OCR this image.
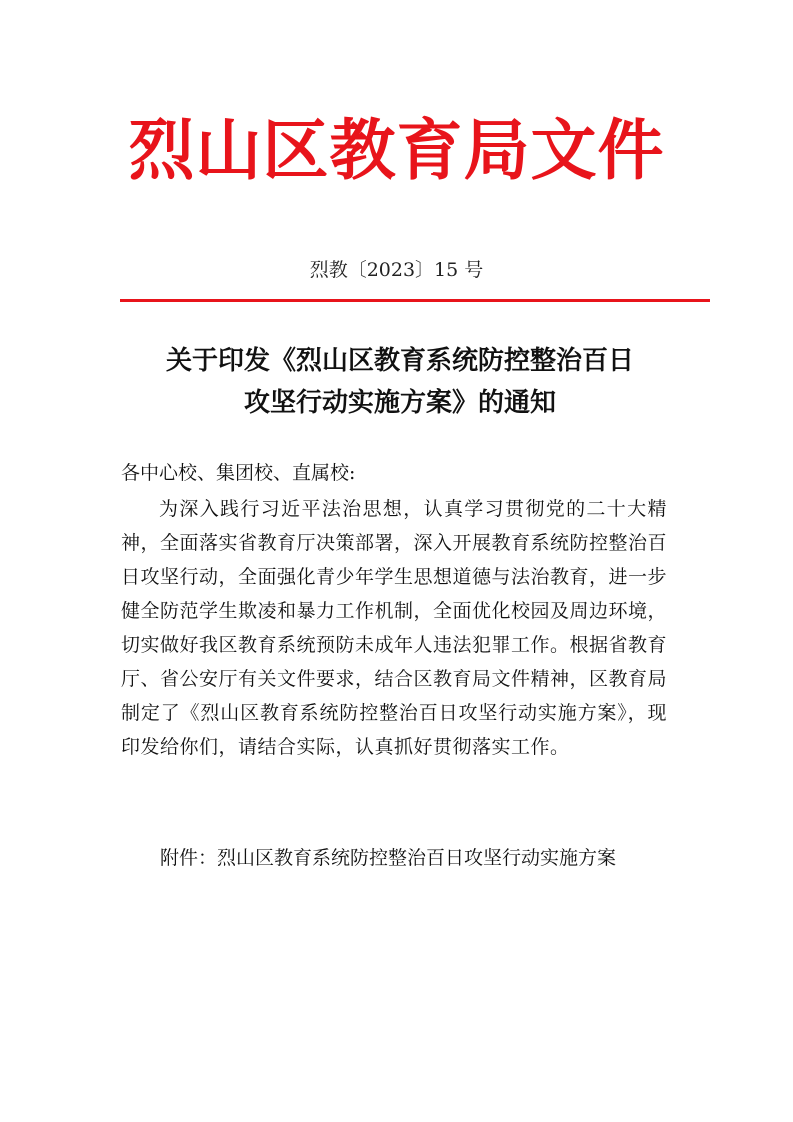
烈山区教育局文件
烈教〔2023〕15 号
关于印发《烈山区教育系统防控整治百日
攻坚行动实施方案》的通知
各中心校、集团校、直属校:
为深入践行习近平法治思想，认真学习贯彻党的二十大精神，全面落实省教育厅决策部署，深入开展教育系统防控整治百日攻坚行动，全面强化青少年学生思想道德与法治教育，进一步健全防范学生欺凌和暴力工作机制，全面优化校园及周边环境，切实做好我区教育系统预防未成年人违法犯罪工作。根据省教育厅、省公安厅有关文件要求，结合区教育局文件精神，区教育局制定了《烈山区教育系统防控整治百日攻坚行动实施方案》，现印发给你们，请结合实际，认真抓好贯彻落实工作。
附件：烈山区教育系统防控整治百日攻坚行动实施方案
